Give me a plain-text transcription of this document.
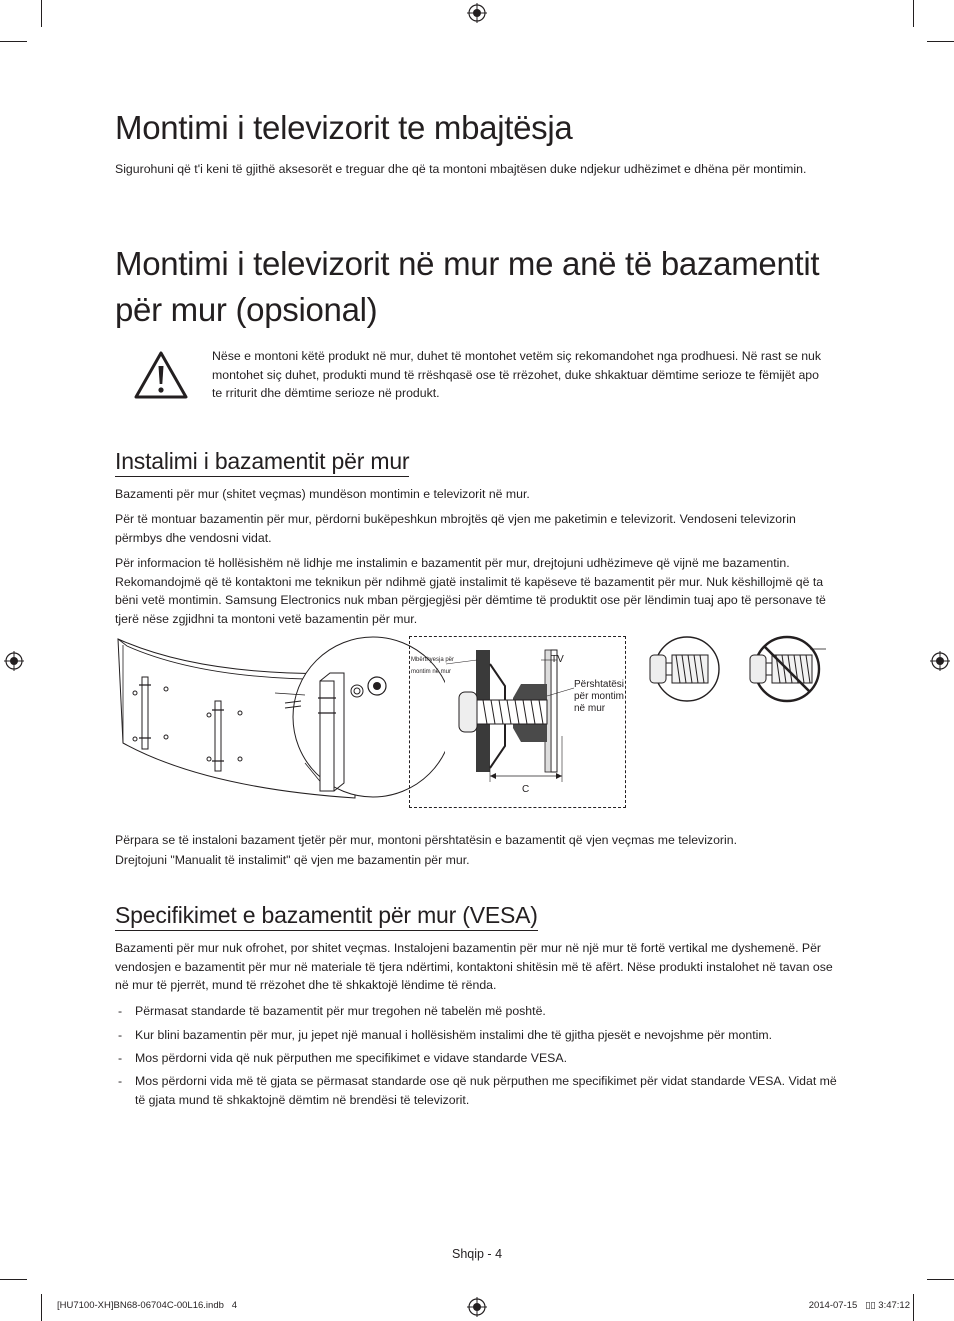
Montimi i televizorit te mbajtësja

Sigurohuni që t'i keni të gjithë aksesorët e treguar dhe që ta montoni mbajtësen duke ndjekur udhëzimet e dhëna për montimin.

Montimi i televizorit në mur me anë të bazamentit për mur (opsional)

Nëse e montoni këtë produkt në mur, duhet të montohet vetëm siç rekomandohet nga prodhuesi. Në rast se nuk montohet siç duhet, produkti mund të rrëshqasë ose të rrëzohet, duke shkaktuar dëmtime serioze te fëmijët apo te rriturit dhe dëmtime serioze në produkt.

Instalimi i bazamentit për mur

Bazamenti për mur (shitet veçmas) mundëson montimin e televizorit në mur.

Për të montuar bazamentin për mur, përdorni bukëpeshkun mbrojtës që vjen me paketimin e televizorit. Vendoseni televizorin përmbys dhe vendosni vidat.

Për informacion të hollësishëm në lidhje me instalimin e bazamentit për mur, drejtojuni udhëzimeve që vijnë me bazamentin. Rekomandojmë që të kontaktoni me teknikun për ndihmë gjatë instalimit të kapëseve të bazamentit për mur. Nuk këshillojmë që ta bëni vetë montimin. Samsung Electronics nuk mban përgjegjësi për dëmtime të produktit ose për lëndimin tuaj apo të personave të tjerë nëse zgjidhni ta montoni vetë bazamentin për mur.

Mbërthyesja për montim në mur
TV
Përshtatësi për montim në mur
C

Përpara se të instaloni bazament tjetër për mur, montoni përshtatësin e bazamentit që vjen veçmas me televizorin.

Drejtojuni "Manualit të instalimit" që vjen me bazamentin për mur.

Specifikimet e bazamentit për mur (VESA)

Bazamenti për mur nuk ofrohet, por shitet veçmas. Instalojeni bazamentin për mur në një mur të fortë vertikal me dyshemenë. Për vendosjen e bazamentit për mur në materiale të tjera ndërtimi, kontaktoni shitësin më të afërt. Nëse produkti instalohet në tavan ose në mur të pjerrët, mund të rrëzohet dhe të shkaktojë lëndime të rënda.

- Përmasat standarde të bazamentit për mur tregohen në tabelën më poshtë.
- Kur blini bazamentin për mur, ju jepet një manual i hollësishëm instalimi dhe të gjitha pjesët e nevojshme për montim.
- Mos përdorni vida që nuk përputhen me specifikimet e vidave standarde VESA.
- Mos përdorni vida më të gjata se përmasat standarde ose që nuk përputhen me specifikimet për vidat standarde VESA. Vidat më të gjata mund të shkaktojnë dëmtim në brendësi të televizorit.
Shqip - 4
[HU7100-XH]BN68-06704C-00L16.indb   4	2014-07-15   ▯▯ 3:47:12
